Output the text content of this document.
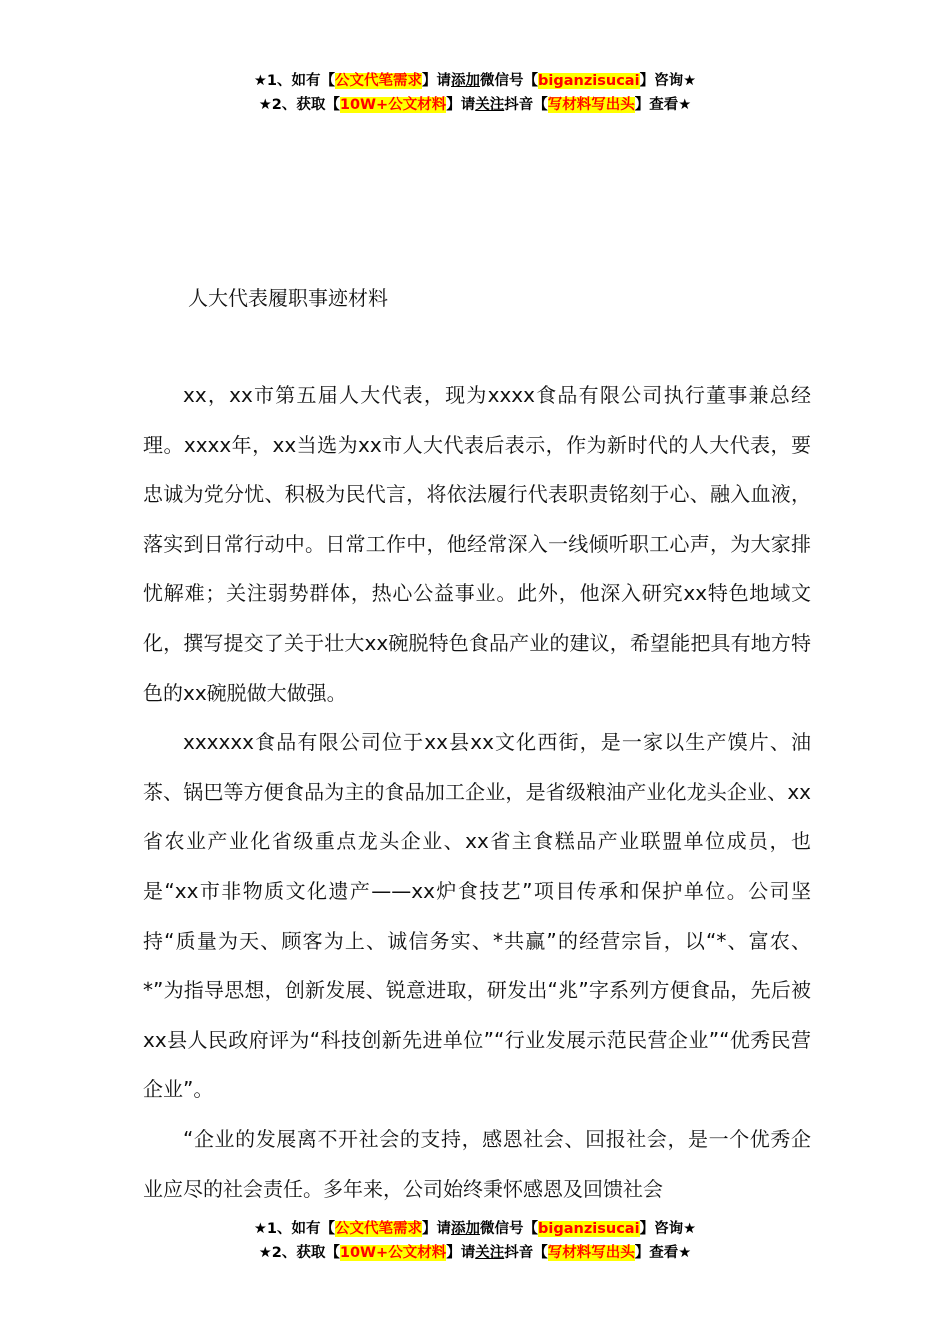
★1、如有【公文代笔需求】请添加微信号【biganzisucai】咨询★
★2、获取【10W+公文材料】请关注抖音【写材料写出头】查看★
人大代表履职事迹材料

xx，xx市第五届人大代表，现为xxxx食品有限公司执行董事兼总经理。xxxx年，xx当选为xx市人大代表后表示，作为新时代的人大代表，要忠诚为党分忧、积极为民代言，将依法履行代表职责铭刻于心、融入血液，落实到日常行动中。日常工作中，他经常深入一线倾听职工心声，为大家排忧解难；关注弱势群体，热心公益事业。此外，他深入研究xx特色地域文化，撰写提交了关于壮大xx碗脱特色食品产业的建议，希望能把具有地方特色的xx碗脱做大做强。

xxxxxx食品有限公司位于xx县xx文化西街，是一家以生产馍片、油茶、锅巴等方便食品为主的食品加工企业，是省级粮油产业化龙头企业、xx省农业产业化省级重点龙头企业、xx省主食糕品产业联盟单位成员，也是“xx市非物质文化遗产——xx炉食技艺”项目传承和保护单位。公司坚持“质量为天、顾客为上、诚信务实、*共赢”的经营宗旨，以“*、富农、*”为指导思想，创新发展、锐意进取，研发出“兆”字系列方便食品，先后被xx县人民政府评为“科技创新先进单位”“行业发展示范民营企业”“优秀民营企业”。

“企业的发展离不开社会的支持，感恩社会、回报社会，是一个优秀企业应尽的社会责任。多年来，公司始终秉怀感恩及回馈社会

★1、如有【公文代笔需求】请添加微信号【biganzisucai】咨询★
★2、获取【10W+公文材料】请关注抖音【写材料写出头】查看★
